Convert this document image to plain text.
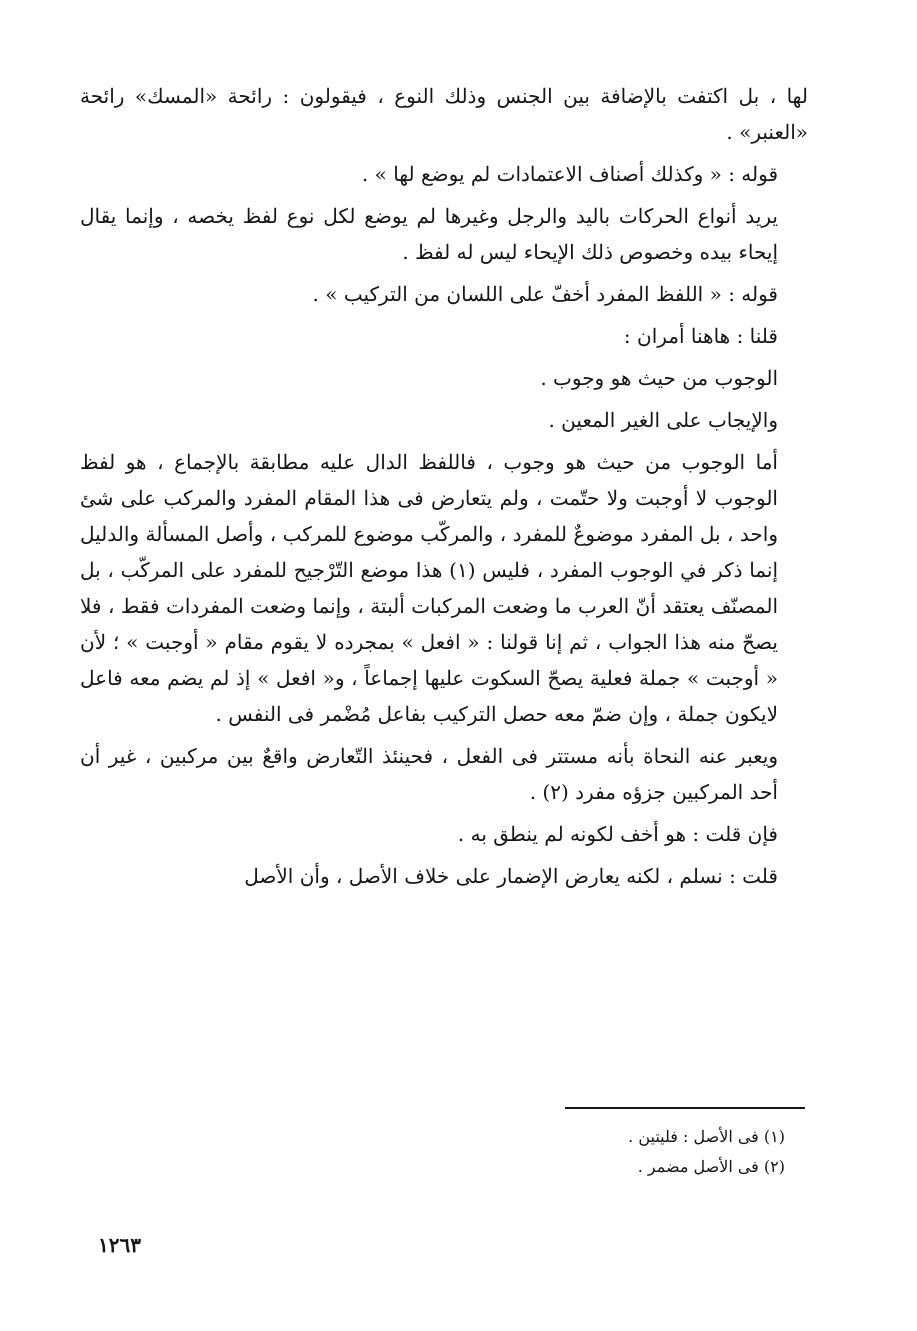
لها ، بل اكتفت بالإضافة بين الجنس وذلك النوع ، فيقولون : رائحة «المسك» رائحة «العنبر» .

قوله : « وكذلك أصناف الاعتمادات لم يوضع لها » .

يريد أنواع الحركات باليد والرجل وغيرها لم يوضع لكل نوع لفظ يخصه ، وإنما يقال إيحاء بيده وخصوص ذلك الإيحاء ليس له لفظ .

قوله : « اللفظ المفرد أخفّ على اللسان من التركيب » .

قلنا : هاهنا أمران :

الوجوب من حيث هو وجوب .

والإيجاب على الغير المعين .

أما الوجوب من حيث هو وجوب ، فاللفظ الدال عليه مطابقة بالإجماع ، هو لفظ الوجوب لا أوجبت ولا حتّمت ، ولم يتعارض فى هذا المقام المفرد والمركب على شئ واحد ، بل المفرد موضوعٌ للمفرد ، والمركّب موضوع للمركب ، وأصل المسألة والدليل إنما ذكر في الوجوب المفرد ، فليس (١) هذا موضع التّرْجيح للمفرد على المركّب ، بل المصنّف يعتقد أنّ العرب ما وضعت المركبات ألبتة ، وإنما وضعت المفردات فقط ، فلا يصحّ منه هذا الجواب ، ثم إنا قولنا : « افعل » بمجرده لا يقوم مقام « أوجبت » ؛ لأن « أوجبت » جملة فعلية يصحّ السكوت عليها إجماعاً ، و« افعل » إذ لم يضم معه فاعل لايكون جملة ، وإن ضمّ معه حصل التركيب بفاعل مُضْمر فى النفس .

ويعبر عنه النحاة بأنه مستتر فى الفعل ، فحينئذ التّعارض واقعٌ بين مركبين ، غير أن أحد المركبين جزؤه مفرد (٢) .

فإن قلت : هو أخف لكونه لم ينطق به .

قلت : نسلم ، لكنه يعارض الإضمار على خلاف الأصل ، وأن الأصل

(١) فى الأصل : فليتين .
(٢) فى الأصل مضمر .
١٢٦٣
